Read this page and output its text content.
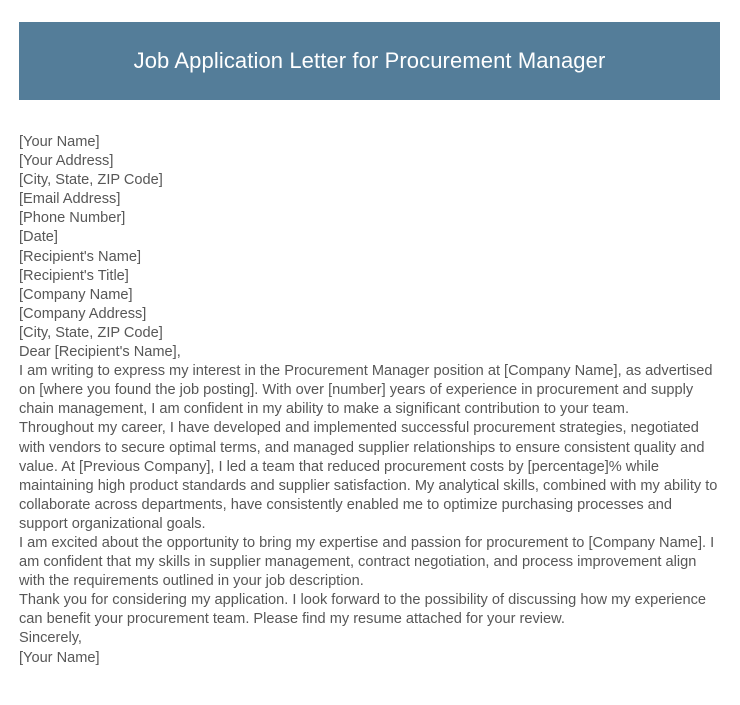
Job Application Letter for Procurement Manager
[Your Name]
[Your Address]
[City, State, ZIP Code]
[Email Address]
[Phone Number]
[Date]
[Recipient's Name]
[Recipient's Title]
[Company Name]
[Company Address]
[City, State, ZIP Code]
Dear [Recipient's Name],
I am writing to express my interest in the Procurement Manager position at [Company Name], as advertised on [where you found the job posting]. With over [number] years of experience in procurement and supply chain management, I am confident in my ability to make a significant contribution to your team.
Throughout my career, I have developed and implemented successful procurement strategies, negotiated with vendors to secure optimal terms, and managed supplier relationships to ensure consistent quality and value. At [Previous Company], I led a team that reduced procurement costs by [percentage]% while maintaining high product standards and supplier satisfaction. My analytical skills, combined with my ability to collaborate across departments, have consistently enabled me to optimize purchasing processes and support organizational goals.
I am excited about the opportunity to bring my expertise and passion for procurement to [Company Name]. I am confident that my skills in supplier management, contract negotiation, and process improvement align with the requirements outlined in your job description.
Thank you for considering my application. I look forward to the possibility of discussing how my experience can benefit your procurement team. Please find my resume attached for your review.
Sincerely,
[Your Name]
